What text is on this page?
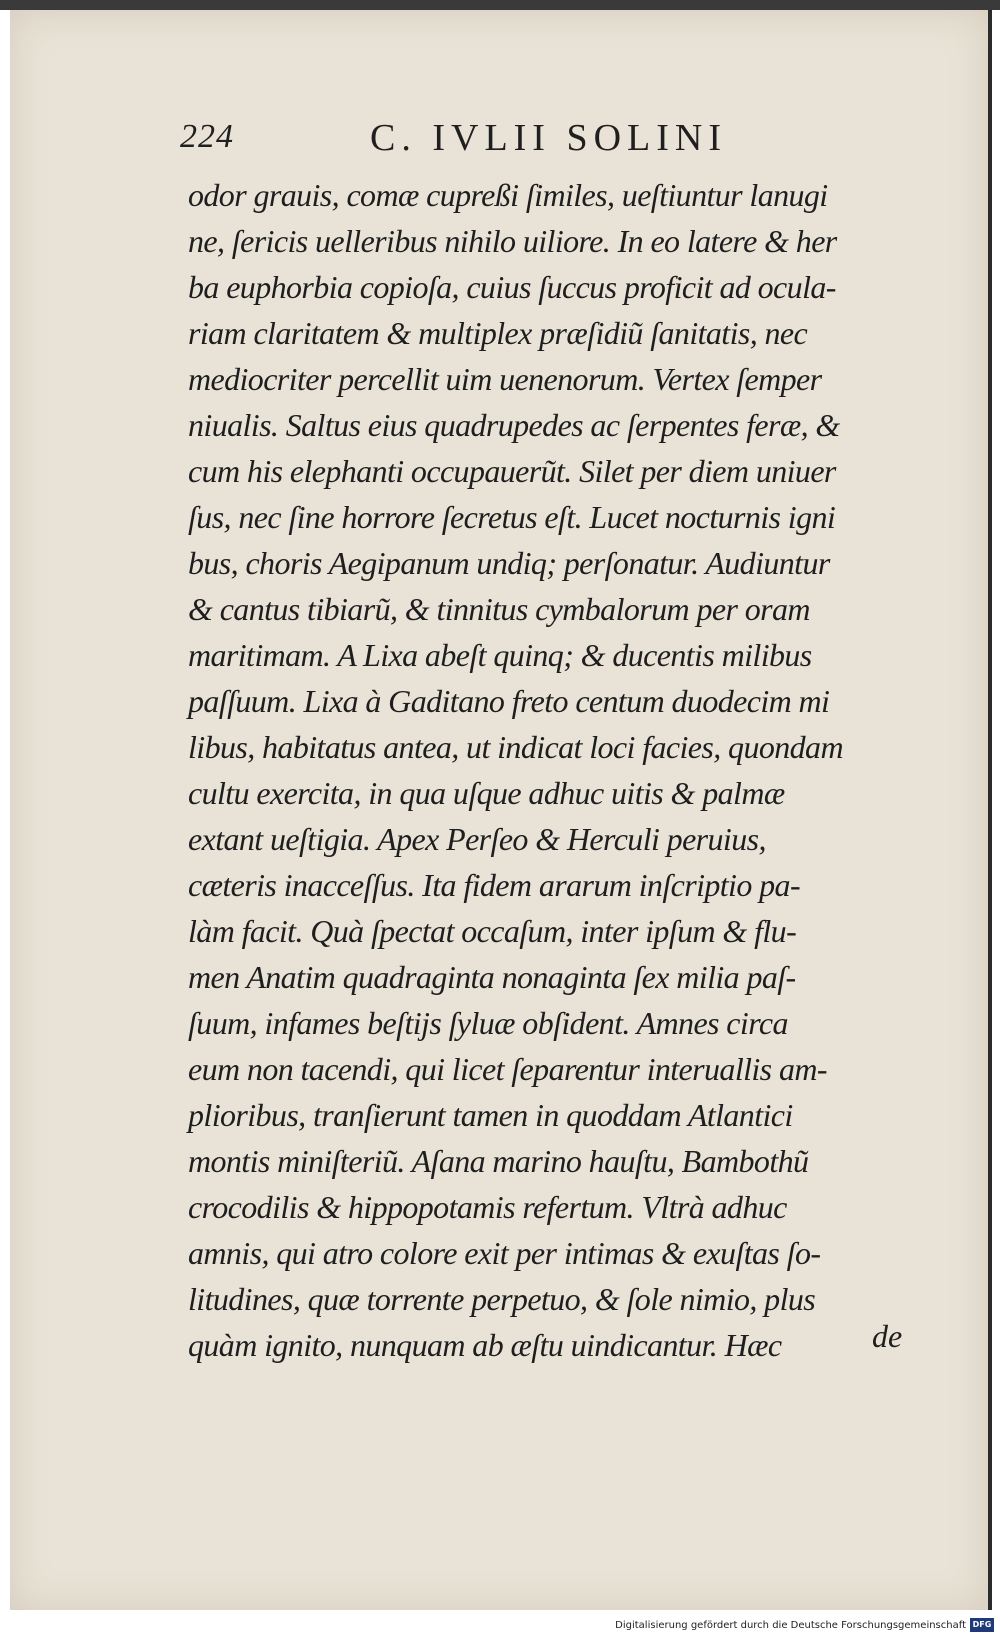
224	C. IVLII SOLINI
odor grauis, comæ cupreßi ſimiles, ueſtiuntur lanugi
ne, ſericis uelleribus nihilo uiliore. In eo latere & her
ba euphorbia copioſa, cuius ſuccus proficit ad ocula-
riam claritatem & multiplex præſidiũ ſanitatis, nec
mediocriter percellit uim uenenorum. Vertex ſemper
niualis. Saltus eius quadrupedes ac ſerpentes feræ, &
cum his elephanti occupauerũt. Silet per diem uniuer
ſus, nec ſine horrore ſecretus eſt. Lucet nocturnis igni
bus, choris Aegipanum undiq; perſonatur. Audiuntur
& cantus tibiarũ, & tinnitus cymbalorum per oram
maritimam. A Lixa abeſt quinq; & ducentis milibus
paſſuum. Lixa à Gaditano freto centum duodecim mi
libus, habitatus antea, ut indicat loci facies, quondam
cultu exercita, in qua uſque adhuc uitis & palmæ
extant ueſtigia. Apex Perſeo & Herculi peruius,
cæteris inacceſſus. Ita fidem ararum inſcriptio pa-
làm facit. Quà ſpectat occaſum, inter ipſum & flu-
men Anatim quadraginta nonaginta ſex milia paſ-
ſuum, infames beſtijs ſyluæ obſident. Amnes circa
eum non tacendi, qui licet ſeparentur interuallis am-
plioribus, tranſierunt tamen in quoddam Atlantici
montis miniſteriũ. Aſana marino hauſtu, Bambothũ
crocodilis & hippopotamis refertum. Vltrà adhuc
amnis, qui atro colore exit per intimas & exuſtas ſo-
litudines, quæ torrente perpetuo, & ſole nimio, plus
quàm ignito, nunquam ab æſtu uindicantur. Hæc	de
Digitalisierung gefördert durch die Deutsche Forschungsgemeinschaft DFG
